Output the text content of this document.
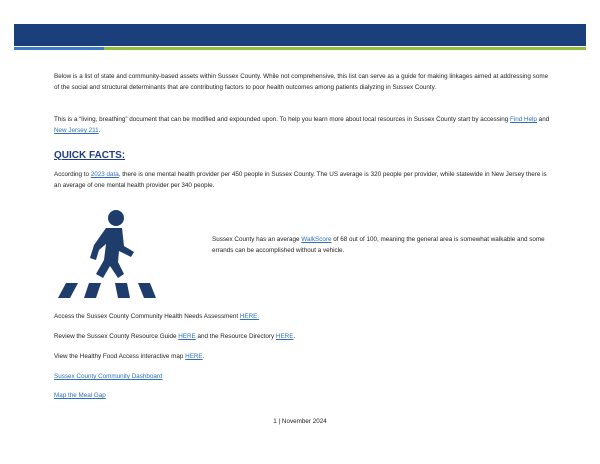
Sussex County Community Assets Profile
Below is a list of state and community-based assets within Sussex County. While not comprehensive, this list can serve as a guide for making linkages aimed at addressing some of the social and structural determinants that are contributing factors to poor health outcomes among patients dialyzing in Sussex County.
This is a “living, breathing” document that can be modified and expounded upon. To help you learn more about local resources in Sussex County start by accessing Find Help and New Jersey 211.
QUICK FACTS:
According to 2023 data, there is one mental health provider per 450 people in Sussex County. The US average is 320 people per provider, while statewide in New Jersey there is an average of one mental health provider per 340 people.
Sussex County has an average WalkScore of 68 out of 100, meaning the general area is somewhat walkable and some errands can be accomplished without a vehicle.
Access the Sussex County Community Health Needs Assessment HERE.
Review the Sussex County Resource Guide HERE and the Resource Directory HERE.
View the Healthy Food Access interactive map HERE.
Sussex County Community Dashboard
Map the Meal Gap
1 | November 2024
